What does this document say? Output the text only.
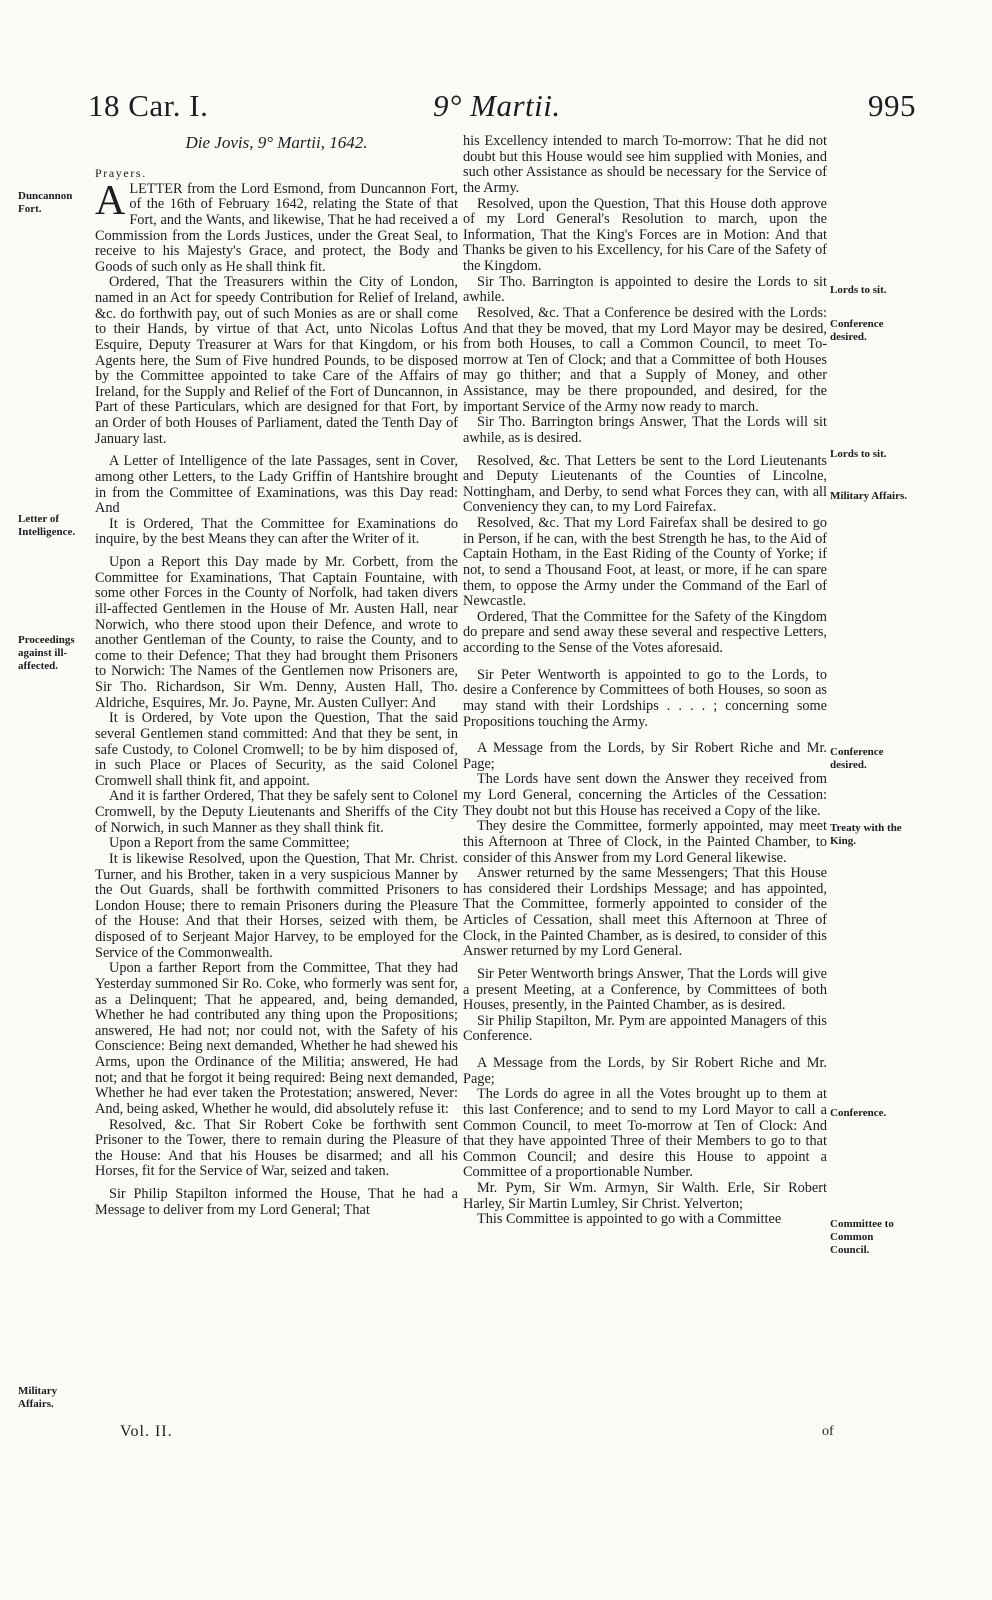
18 Car. I.	9° Martii.	995
Duncannon Fort.
Letter of Intelligence.
Proceedings against ill-affected.
Military Affairs.
Lords to sit.
Conference desired.
Lords to sit.
Military Affairs.
Conference desired.
Treaty with the King.
Conference.
Committee to Common Council.
Die Jovis, 9° Martii, 1642.

Prayers.

ALETTER from the Lord Esmond, from Duncannon Fort, of the 16th of February 1642, relating the State of that Fort, and the Wants, and likewise, That he had received a Commission from the Lords Justices, under the Great Seal, to receive to his Majesty's Grace, and protect, the Body and Goods of such only as He shall think fit.

Ordered, That the Treasurers within the City of London, named in an Act for speedy Contribution for Relief of Ireland, &c. do forthwith pay, out of such Monies as are or shall come to their Hands, by virtue of that Act, unto Nicolas Loftus Esquire, Deputy Treasurer at Wars for that Kingdom, or his Agents here, the Sum of Five hundred Pounds, to be disposed by the Committee appointed to take Care of the Affairs of Ireland, for the Supply and Relief of the Fort of Duncannon, in Part of these Particulars, which are designed for that Fort, by an Order of both Houses of Parliament, dated the Tenth Day of January last.

A Letter of Intelligence of the late Passages, sent in Cover, among other Letters, to the Lady Griffin of Hantshire brought in from the Committee of Examinations, was this Day read: And

It is Ordered, That the Committee for Examinations do inquire, by the best Means they can after the Writer of it.

Upon a Report this Day made by Mr. Corbett, from the Committee for Examinations, That Captain Fountaine, with some other Forces in the County of Norfolk, had taken divers ill-affected Gentlemen in the House of Mr. Austen Hall, near Norwich, who there stood upon their Defence, and wrote to another Gentleman of the County, to raise the County, and to come to their Defence; That they had brought them Prisoners to Norwich: The Names of the Gentlemen now Prisoners are, Sir Tho. Richardson, Sir Wm. Denny, Austen Hall, Tho. Aldriche, Esquires, Mr. Jo. Payne, Mr. Austen Cullyer: And

It is Ordered, by Vote upon the Question, That the said several Gentlemen stand committed: And that they be sent, in safe Custody, to Colonel Cromwell; to be by him disposed of, in such Place or Places of Security, as the said Colonel Cromwell shall think fit, and appoint.

And it is farther Ordered, That they be safely sent to Colonel Cromwell, by the Deputy Lieutenants and Sheriffs of the City of Norwich, in such Manner as they shall think fit.

Upon a Report from the same Committee;

It is likewise Resolved, upon the Question, That Mr. Christ. Turner, and his Brother, taken in a very suspicious Manner by the Out Guards, shall be forthwith committed Prisoners to London House; there to remain Prisoners during the Pleasure of the House: And that their Horses, seized with them, be disposed of to Serjeant Major Harvey, to be employed for the Service of the Commonwealth.

Upon a farther Report from the Committee, That they had Yesterday summoned Sir Ro. Coke, who formerly was sent for, as a Delinquent; That he appeared, and, being demanded, Whether he had contributed any thing upon the Propositions; answered, He had not; nor could not, with the Safety of his Conscience: Being next demanded, Whether he had shewed his Arms, upon the Ordinance of the Militia; answered, He had not; and that he forgot it being required: Being next demanded, Whether he had ever taken the Protestation; answered, Never: And, being asked, Whether he would, did absolutely refuse it:

Resolved, &c. That Sir Robert Coke be forthwith sent Prisoner to the Tower, there to remain during the Pleasure of the House: And that his Houses be disarmed; and all his Horses, fit for the Service of War, seized and taken.

Sir Philip Stapilton informed the House, That he had a Message to deliver from my Lord General; That

his Excellency intended to march To-morrow: That he did not doubt but this House would see him supplied with Monies, and such other Assistance as should be necessary for the Service of the Army.

Resolved, upon the Question, That this House doth approve of my Lord General's Resolution to march, upon the Information, That the King's Forces are in Motion: And that Thanks be given to his Excellency, for his Care of the Safety of the Kingdom.

Sir Tho. Barrington is appointed to desire the Lords to sit awhile.

Resolved, &c. That a Conference be desired with the Lords: And that they be moved, that my Lord Mayor may be desired, from both Houses, to call a Common Council, to meet To-morrow at Ten of Clock; and that a Committee of both Houses may go thither; and that a Supply of Money, and other Assistance, may be there propounded, and desired, for the important Service of the Army now ready to march.

Sir Tho. Barrington brings Answer, That the Lords will sit awhile, as is desired.

Resolved, &c. That Letters be sent to the Lord Lieutenants and Deputy Lieutenants of the Counties of Lincolne, Nottingham, and Derby, to send what Forces they can, with all Conveniency they can, to my Lord Fairefax.

Resolved, &c. That my Lord Fairefax shall be desired to go in Person, if he can, with the best Strength he has, to the Aid of Captain Hotham, in the East Riding of the County of Yorke; if not, to send a Thousand Foot, at least, or more, if he can spare them, to oppose the Army under the Command of the Earl of Newcastle.

Ordered, That the Committee for the Safety of the Kingdom do prepare and send away these several and respective Letters, according to the Sense of the Votes aforesaid.

Sir Peter Wentworth is appointed to go to the Lords, to desire a Conference by Committees of both Houses, so soon as may stand with their Lordships . . . . ; concerning some Propositions touching the Army.

A Message from the Lords, by Sir Robert Riche and Mr. Page;

The Lords have sent down the Answer they received from my Lord General, concerning the Articles of the Cessation: They doubt not but this House has received a Copy of the like.

They desire the Committee, formerly appointed, may meet this Afternoon at Three of Clock, in the Painted Chamber, to consider of this Answer from my Lord General likewise.

Answer returned by the same Messengers; That this House has considered their Lordships Message; and has appointed, That the Committee, formerly appointed to consider of the Articles of Cessation, shall meet this Afternoon at Three of Clock, in the Painted Chamber, as is desired, to consider of this Answer returned by my Lord General.

Sir Peter Wentworth brings Answer, That the Lords will give a present Meeting, at a Conference, by Committees of both Houses, presently, in the Painted Chamber, as is desired.

Sir Philip Stapilton, Mr. Pym are appointed Managers of this Conference.

A Message from the Lords, by Sir Robert Riche and Mr. Page;

The Lords do agree in all the Votes brought up to them at this last Conference; and to send to my Lord Mayor to call a Common Council, to meet To-morrow at Ten of Clock: And that they have appointed Three of their Members to go to that Common Council; and desire this House to appoint a Committee of a proportionable Number.

Mr. Pym, Sir Wm. Armyn, Sir Walth. Erle, Sir Robert Harley, Sir Martin Lumley, Sir Christ. Yelverton;

This Committee is appointed to go with a Committee

Vol. II.	of
